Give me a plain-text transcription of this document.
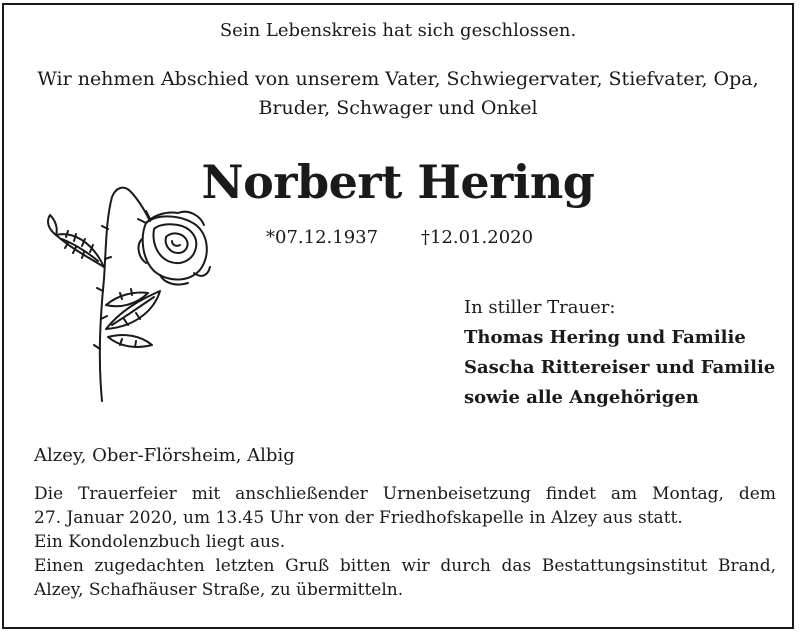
Sein Lebenskreis hat sich geschlossen.
Wir nehmen Abschied von unserem Vater, Schwiegervater, Stiefvater, Opa,
Bruder, Schwager und Onkel
Norbert Hering
*07.12.1937 †12.01.2020
In stiller Trauer:
Thomas Hering und Familie
Sascha Rittereiser und Familie
sowie alle Angehörigen
Alzey, Ober-Flörsheim, Albig
Die Trauerfeier mit anschließender Urnenbeisetzung findet am Montag, dem
27. Januar 2020, um 13.45 Uhr von der Friedhofskapelle in Alzey aus statt.
Ein Kondolenzbuch liegt aus.
Einen zugedachten letzten Gruß bitten wir durch das Bestattungsinstitut Brand,
Alzey, Schafhäuser Straße, zu übermitteln.
